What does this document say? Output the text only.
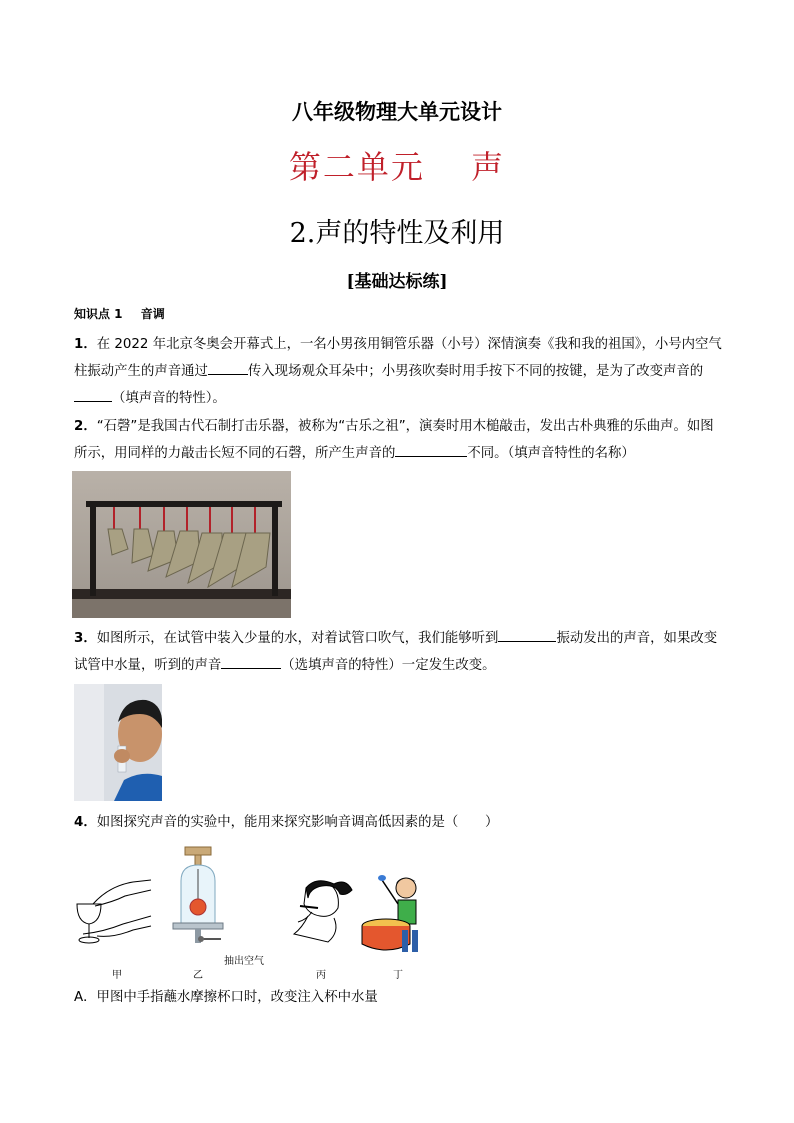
八年级物理大单元设计
第二单元　 声
2.声的特性及利用
[基础达标练]
知识点 1 音调
1．在 2022 年北京冬奥会开幕式上，一名小男孩用铜管乐器（小号）深情演奏《我和我的祖国》，小号内空气柱振动产生的声音通过	传入现场观众耳朵中；小男孩吹奏时用手按下不同的按键，是为了改变声音的（填声音的特性）。
2．“石磬”是我国古代石制打击乐器，被称为“古乐之祖”，演奏时用木槌敲击，发出古朴典雅的乐曲声。如图所示，用同样的力敲击长短不同的石磬，所产生声音的	不同。（填声音特性的名称）
3．如图所示，在试管中装入少量的水，对着试管口吹气，我们能够听到	振动发出的声音，如果改变试管中水量，听到的声音	（选填声音的特性）一定发生改变。
4．如图探究声音的实验中，能用来探究影响音调高低因素的是（　　）
抽出空气
甲	乙	丙	丁
A．甲图中手指蘸水摩擦杯口时，改变注入杯中水量
